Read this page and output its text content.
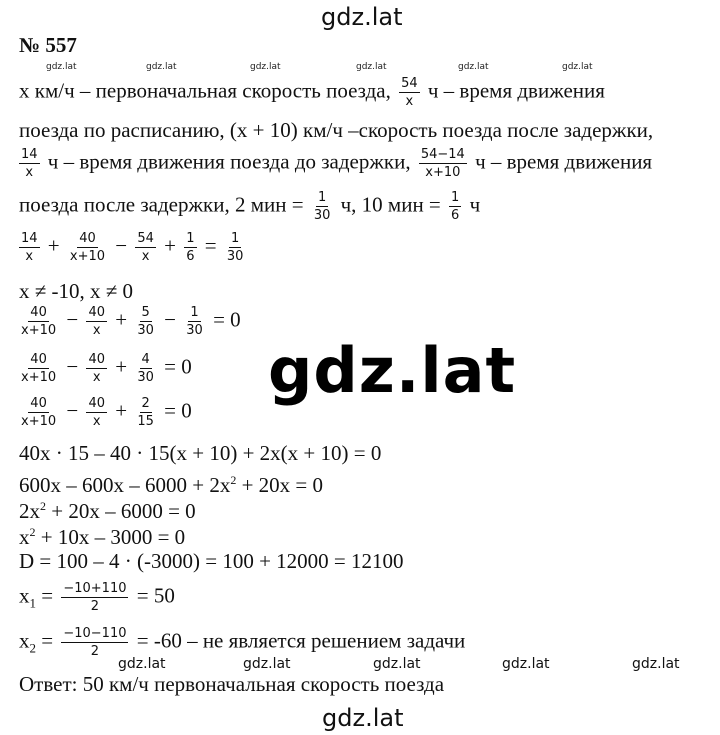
gdz.lat
gdz.lat	gdz.lat	gdz.lat	gdz.lat	gdz.lat	gdz.lat
№ 557
x км/ч – первоначальная скорость поезда, $\frac{54}{x}$ ч – время движения
поезда по расписанию, (x + 10) км/ч –скорость поезда после задержки,
$\frac{14}{x}$ ч – время движения поезда до задержки, $\frac{54-14}{x+10}$ ч – время движения
поезда после задержки, 2 мин = $\frac{1}{30} ч$, 10 мин = $\frac{1}{6}$ ч
$\frac{14}{x} + \frac{40}{x+10} - \frac{54}{x} + \frac{1}{6} = \frac{1}{30}$
x ≠ -10, x ≠ 0
$\frac{40}{x+10} - \frac{40}{x} + \frac{5}{30} - \frac{1}{30} = 0$
gdz.lat
$\frac{40}{x+10} - \frac{40}{x} + \frac{4}{30} = 0$
$\frac{40}{x+10} - \frac{40}{x} + \frac{2}{15} = 0$
40x · 15 – 40 · 15(x + 10) + 2x(x + 10) = 0
$600x - 600x - 6000 + 2x^2 + 20x = 0$
$2x^2 + 20x - 6000 = 0$
$x^2 + 10x - 3000 = 0$
D = 100 – 4 · (-3000) = 100 + 12000 = 12100
$x_1 = \frac{-10+110}{2} = 50$
$x_2 = \frac{-10-110}{2} = -60$ – не является решением задачи
gdz.lat	gdz.lat	gdz.lat	gdz.lat	gdz.lat
Ответ: 50 км/ч первоначальная скорость поезда
gdz.lat
